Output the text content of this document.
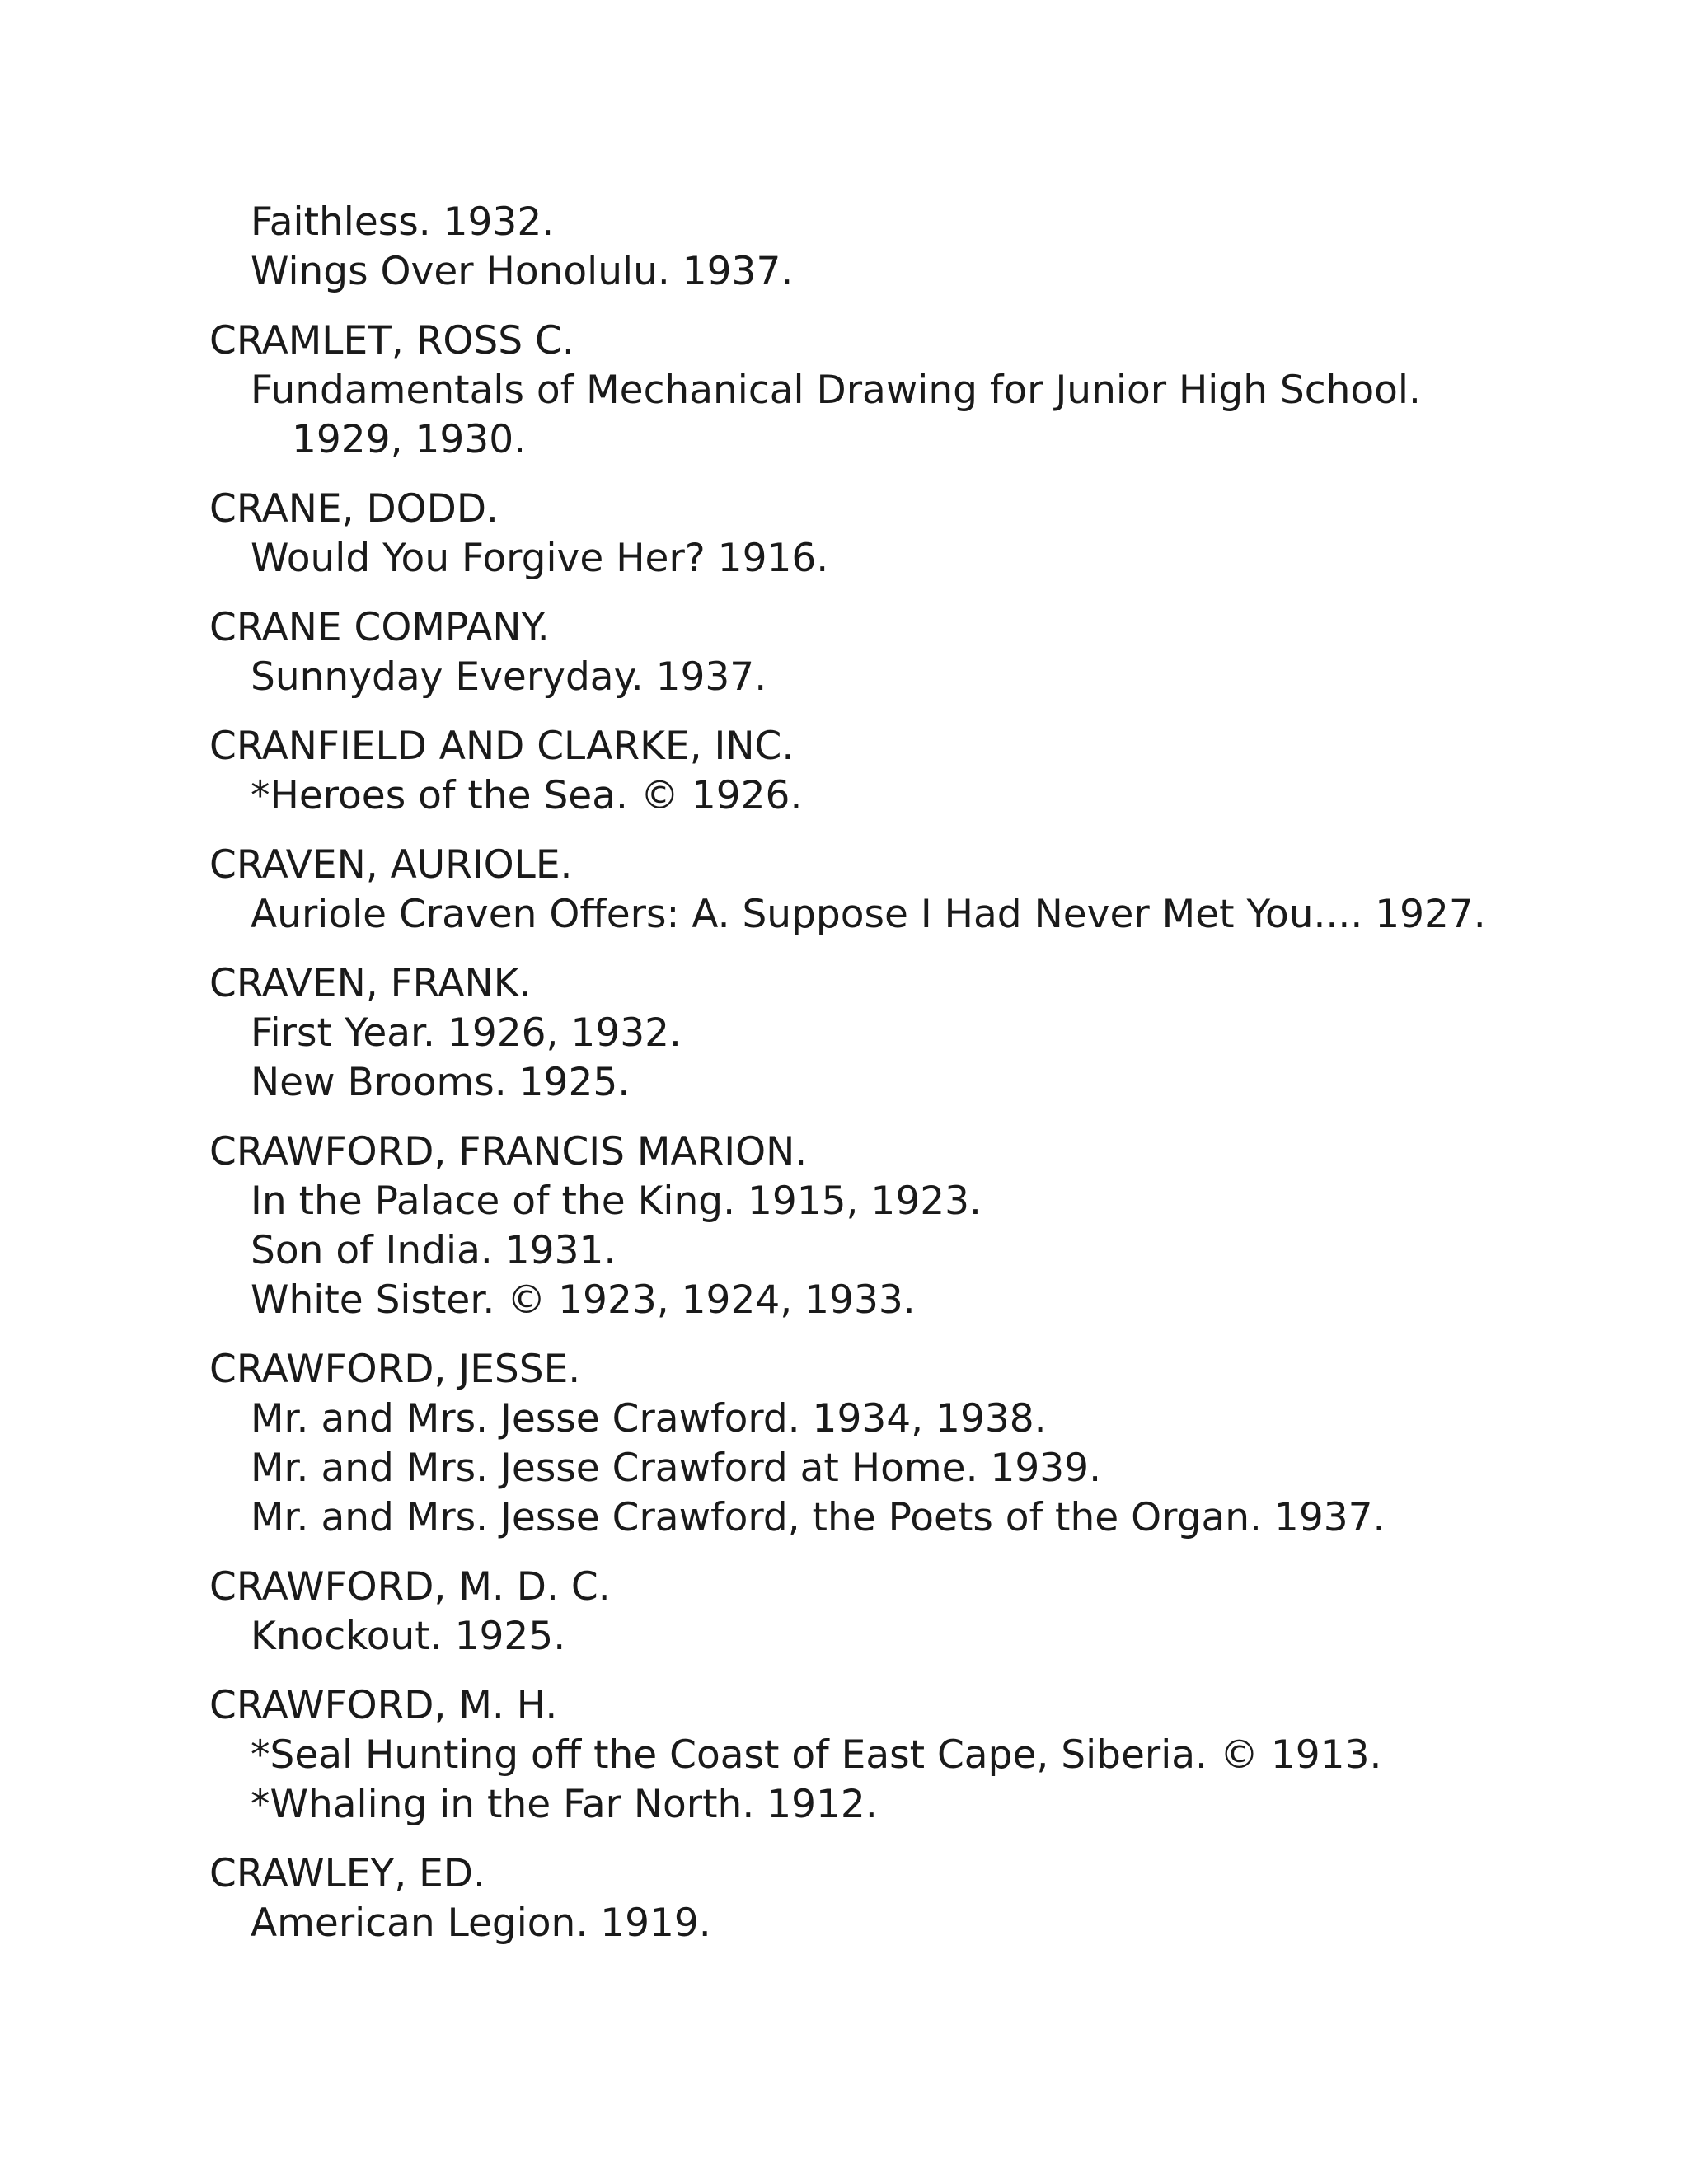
Faithless. 1932.
Wings Over Honolulu. 1937.
CRAMLET, ROSS C.
Fundamentals of Mechanical Drawing for Junior High School.
1929, 1930.
CRANE, DODD.
Would You Forgive Her? 1916.
CRANE COMPANY.
Sunnyday Everyday. 1937.
CRANFIELD AND CLARKE, INC.
*Heroes of the Sea. © 1926.
CRAVEN, AURIOLE.
Auriole Craven Offers: A. Suppose I Had Never Met You.... 1927.
CRAVEN, FRANK.
First Year. 1926, 1932.
New Brooms. 1925.
CRAWFORD, FRANCIS MARION.
In the Palace of the King. 1915, 1923.
Son of India. 1931.
White Sister. © 1923, 1924, 1933.
CRAWFORD, JESSE.
Mr. and Mrs. Jesse Crawford. 1934, 1938.
Mr. and Mrs. Jesse Crawford at Home. 1939.
Mr. and Mrs. Jesse Crawford, the Poets of the Organ. 1937.
CRAWFORD, M. D. C.
Knockout. 1925.
CRAWFORD, M. H.
*Seal Hunting off the Coast of East Cape, Siberia. © 1913.
*Whaling in the Far North. 1912.
CRAWLEY, ED.
American Legion. 1919.
